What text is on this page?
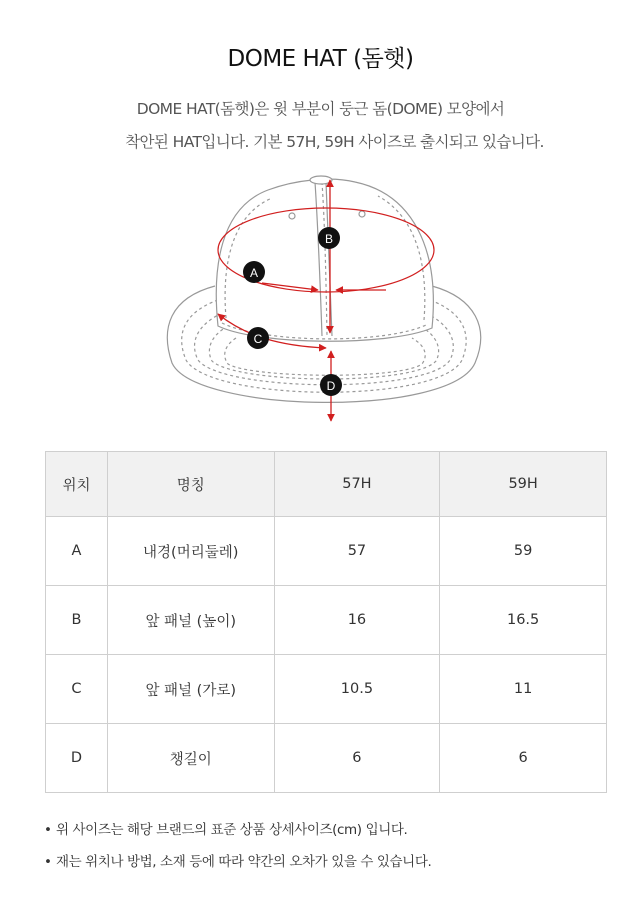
DOME HAT (돔햇)
DOME HAT(돔햇)은 윗 부분이 둥근 돔(DOME) 모양에서
착안된 HAT입니다. 기본 57H, 59H 사이즈로 출시되고 있습니다.
A
B
C
D
위치	명칭	57H	59H
A	내경(머리둘레)	57	59
B	앞 패널 (높이)	16	16.5
C	앞 패널 (가로)	10.5	11
D	챙길이	6	6
• 위 사이즈는 해당 브랜드의 표준 상품 상세사이즈(cm) 입니다.
• 재는 위치나 방법, 소재 등에 따라 약간의 오차가 있을 수 있습니다.
